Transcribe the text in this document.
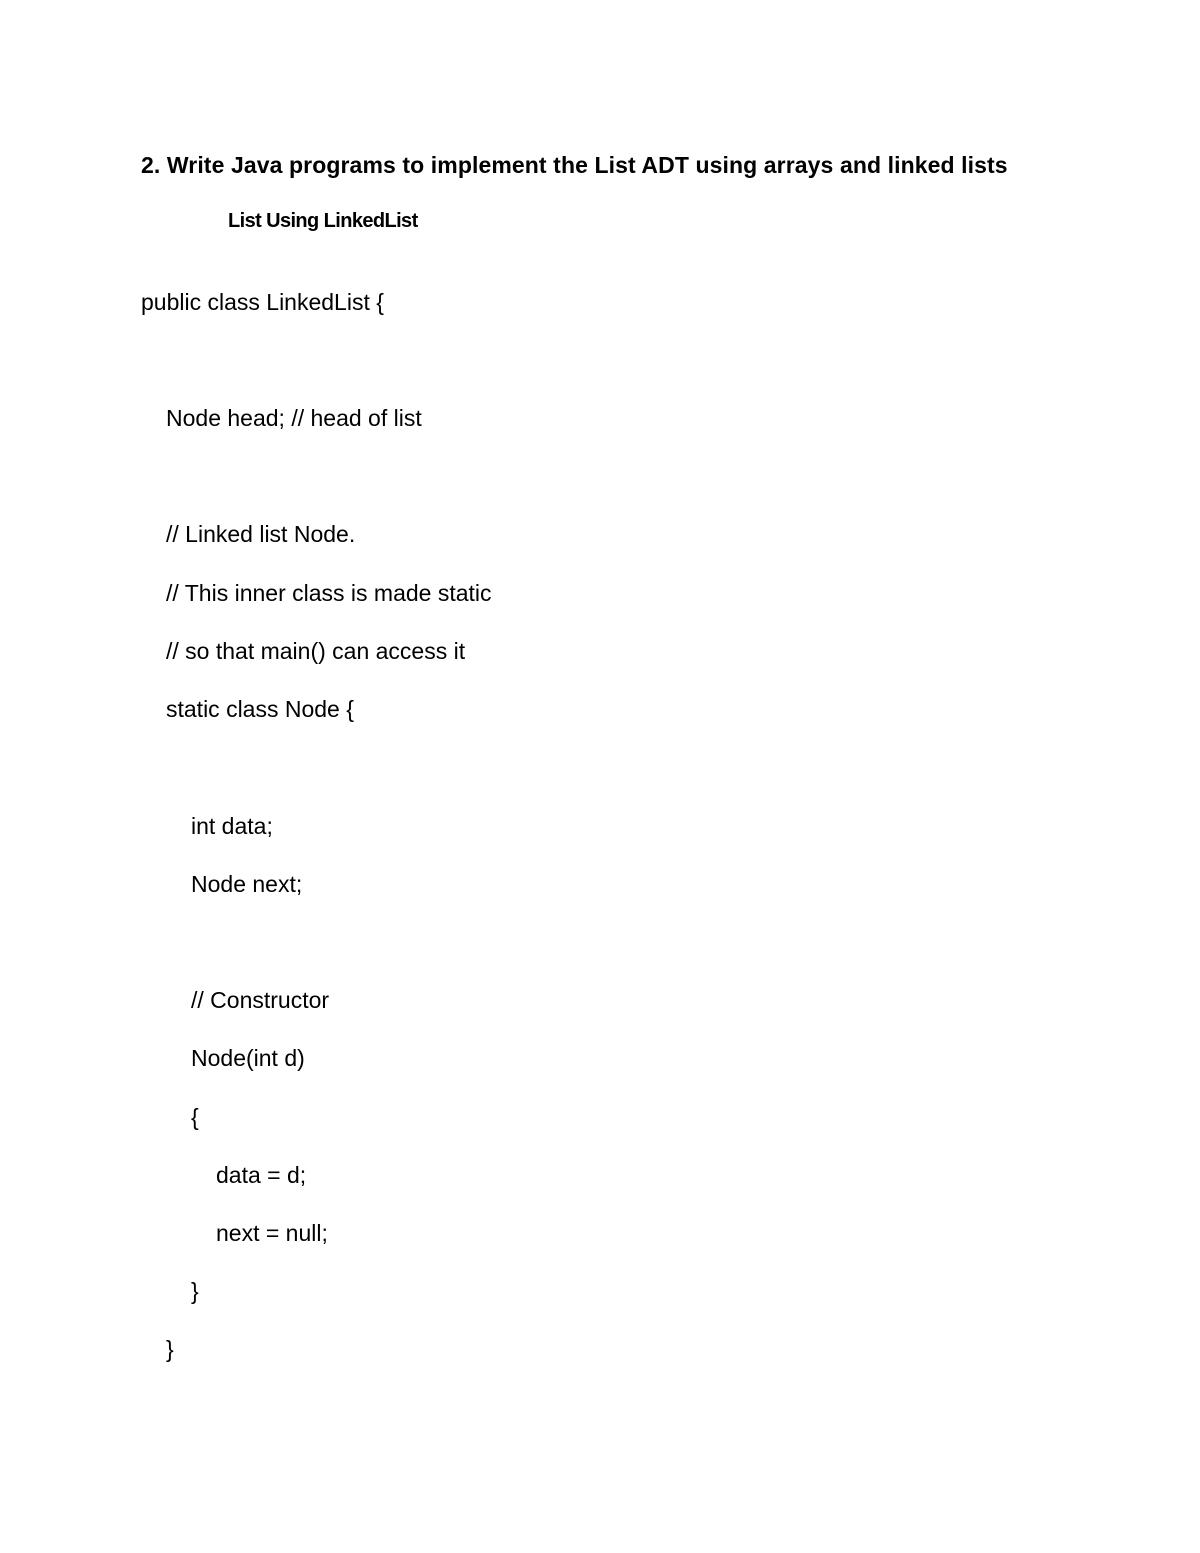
2. Write Java programs to implement the List ADT using arrays and linked lists
List Using LinkedList

public class LinkedList {

Node head; // head of list

// Linked list Node.

// This inner class is made static

// so that main() can access it

static class Node {

int data;

Node next;

// Constructor

Node(int d)

{

data = d;

next = null;

}

}
